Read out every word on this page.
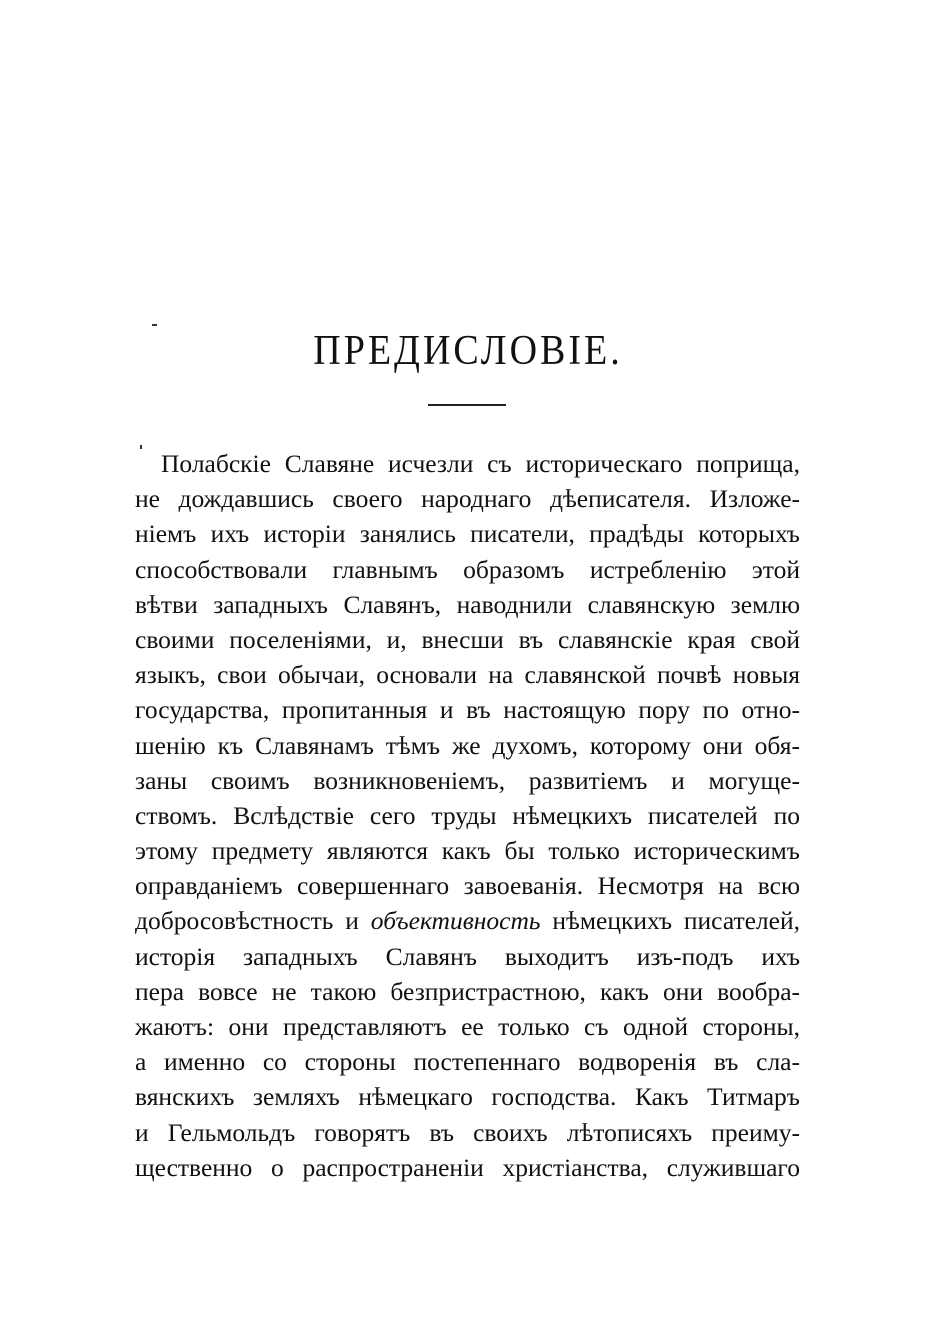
ПРЕДИСЛОВІЕ.
Полабскіе Славяне исчезли съ историческаго поприща,
не дождавшись своего народнаго дѣеписателя. Изложе-
ніемъ ихъ исторіи занялись писатели, прадѣды которыхъ
способствовали главнымъ образомъ истребленію этой
вѣтви западныхъ Славянъ, наводнили славянскую землю
своими поселеніями, и, внесши въ славянскіе края свой
языкъ, свои обычаи, основали на славянской почвѣ новыя
государства, пропитанныя и въ настоящую пору по отно-
шенію къ Славянамъ тѣмъ же духомъ, которому они обя-
заны своимъ возникновеніемъ, развитіемъ и могуще-
ствомъ. Вслѣдствіе сего труды нѣмецкихъ писателей по
этому предмету являются какъ бы только историческимъ
оправданіемъ совершеннаго завоеванія. Несмотря на всю
добросовѣстность и объективность нѣмецкихъ писателей,
исторія западныхъ Славянъ выходитъ изъ-подъ ихъ
пера вовсе не такою безпристрастною, какъ они вообра-
жаютъ: они представляютъ ее только съ одной стороны,
а именно со стороны постепеннаго водворенія въ сла-
вянскихъ земляхъ нѣмецкаго господства. Какъ Титмаръ
и Гельмольдъ говорятъ въ своихъ лѣтописяхъ преиму-
щественно о распространеніи христіанства, служившаго
